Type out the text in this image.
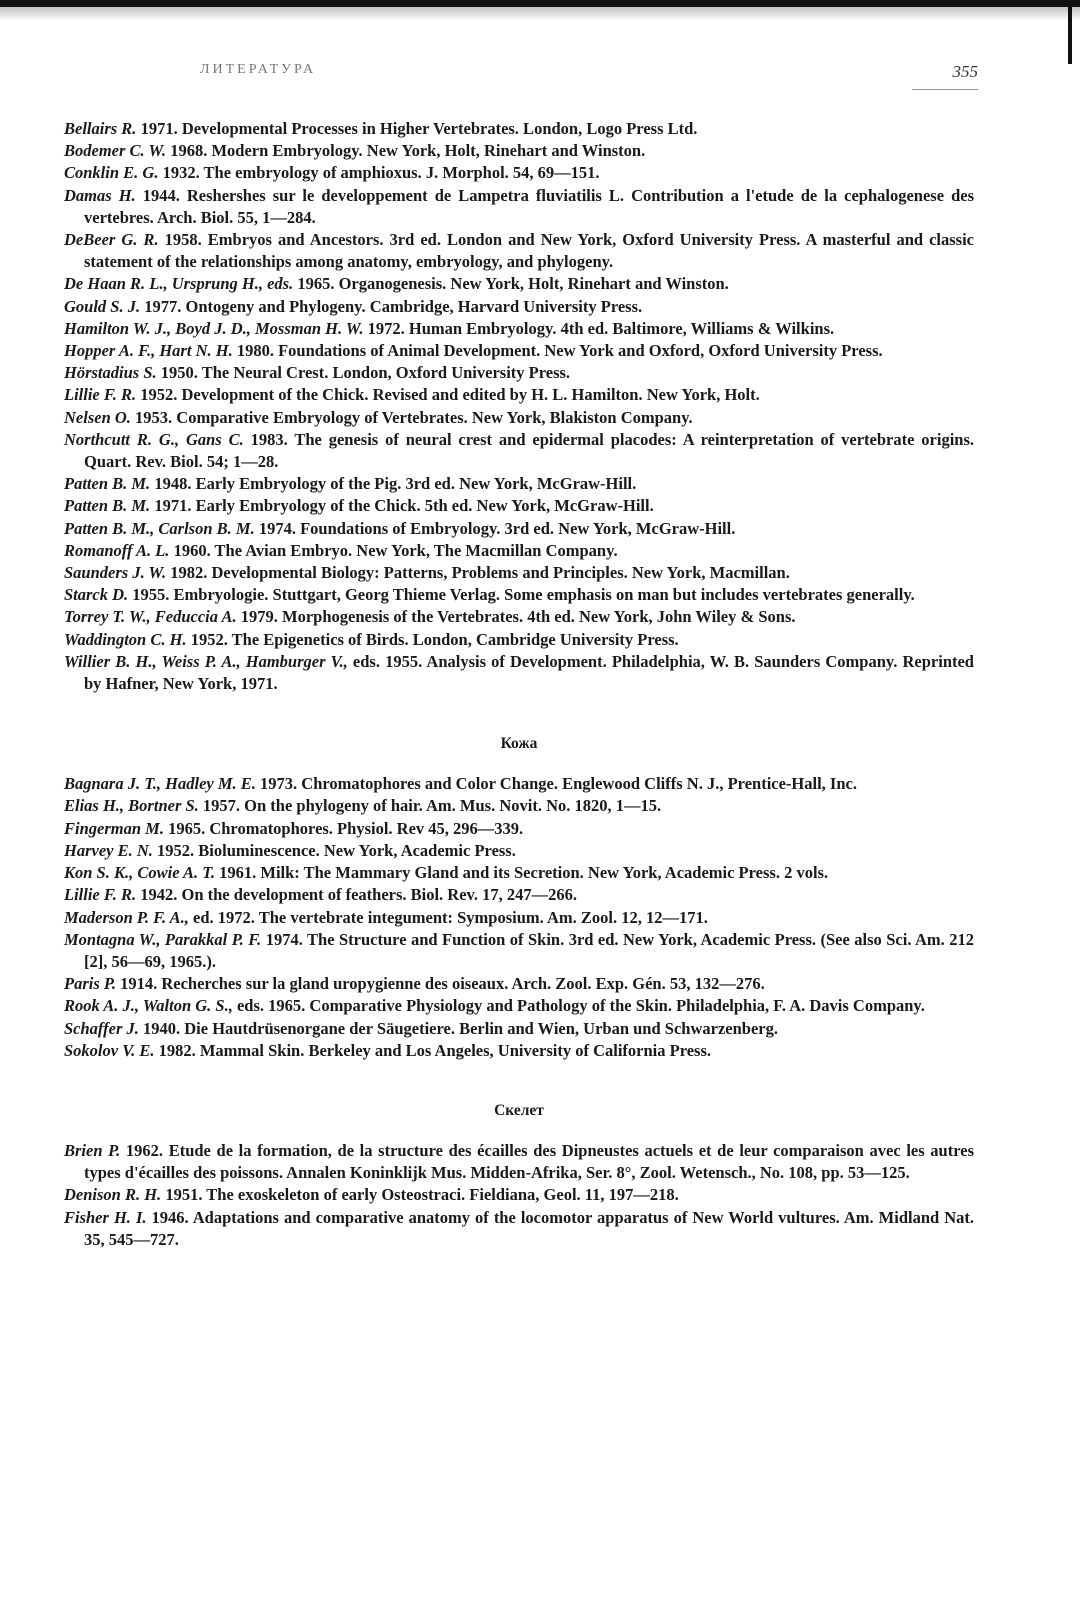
ЛИТЕРАТУРА	355

Bellairs R. 1971. Developmental Processes in Higher Vertebrates. London, Logo Press Ltd.

Bodemer C. W. 1968. Modern Embryology. New York, Holt, Rinehart and Winston.

Conklin E. G. 1932. The embryology of amphioxus. J. Morphol. 54, 69—151.

Damas H. 1944. Reshershes sur le developpement de Lampetra fluviatilis L. Contribution a l'etude de la cephalogenese des vertebres. Arch. Biol. 55, 1—284.

DeBeer G. R. 1958. Embryos and Ancestors. 3rd ed. London and New York, Oxford University Press. A masterful and classic statement of the relationships among anatomy, embryology, and phylogeny.

De Haan R. L., Ursprung H., eds. 1965. Organogenesis. New York, Holt, Rinehart and Winston.

Gould S. J. 1977. Ontogeny and Phylogeny. Cambridge, Harvard University Press.

Hamilton W. J., Boyd J. D., Mossman H. W. 1972. Human Embryology. 4th ed. Baltimore, Williams & Wilkins.

Hopper A. F., Hart N. H. 1980. Foundations of Animal Development. New York and Oxford, Oxford University Press.

Hörstadius S. 1950. The Neural Crest. London, Oxford University Press.

Lillie F. R. 1952. Development of the Chick. Revised and edited by H. L. Hamilton. New York, Holt.

Nelsen O. 1953. Comparative Embryology of Vertebrates. New York, Blakiston Company.

Northcutt R. G., Gans C. 1983. The genesis of neural crest and epidermal placodes: A reinterpretation of vertebrate origins. Quart. Rev. Biol. 54; 1—28.

Patten B. M. 1948. Early Embryology of the Pig. 3rd ed. New York, McGraw-Hill.

Patten B. M. 1971. Early Embryology of the Chick. 5th ed. New York, McGraw-Hill.

Patten B. M., Carlson B. M. 1974. Foundations of Embryology. 3rd ed. New York, McGraw-Hill.

Romanoff A. L. 1960. The Avian Embryo. New York, The Macmillan Company.

Saunders J. W. 1982. Developmental Biology: Patterns, Problems and Principles. New York, Macmillan.

Starck D. 1955. Embryologie. Stuttgart, Georg Thieme Verlag. Some emphasis on man but includes vertebrates generally.

Torrey T. W., Feduccia A. 1979. Morphogenesis of the Vertebrates. 4th ed. New York, John Wiley & Sons.

Waddington C. H. 1952. The Epigenetics of Birds. London, Cambridge University Press.

Willier B. H., Weiss P. A., Hamburger V., eds. 1955. Analysis of Development. Philadelphia, W. B. Saunders Company. Reprinted by Hafner, New York, 1971.

Кожа

Bagnara J. T., Hadley M. E. 1973. Chromatophores and Color Change. Englewood Cliffs N. J., Prentice-Hall, Inc.

Elias H., Bortner S. 1957. On the phylogeny of hair. Am. Mus. Novit. No. 1820, 1—15.

Fingerman M. 1965. Chromatophores. Physiol. Rev 45, 296—339.

Harvey E. N. 1952. Bioluminescence. New York, Academic Press.

Kon S. K., Cowie A. T. 1961. Milk: The Mammary Gland and its Secretion. New York, Academic Press. 2 vols.

Lillie F. R. 1942. On the development of feathers. Biol. Rev. 17, 247—266.

Maderson P. F. A., ed. 1972. The vertebrate integument: Symposium. Am. Zool. 12, 12—171.

Montagna W., Parakkal P. F. 1974. The Structure and Function of Skin. 3rd ed. New York, Academic Press. (See also Sci. Am. 212 [2], 56—69, 1965.).

Paris P. 1914. Recherches sur la gland uropygienne des oiseaux. Arch. Zool. Exp. Gén. 53, 132—276.

Rook A. J., Walton G. S., eds. 1965. Comparative Physiology and Pathology of the Skin. Philadelphia, F. A. Davis Company.

Schaffer J. 1940. Die Hautdrüsenorgane der Säugetiere. Berlin and Wien, Urban und Schwarzenberg.

Sokolov V. E. 1982. Mammal Skin. Berkeley and Los Angeles, University of California Press.

Скелет

Brien P. 1962. Etude de la formation, de la structure des écailles des Dipneustes actuels et de leur comparaison avec les autres types d'écailles des poissons. Annalen Koninklijk Mus. Midden-Afrika, Ser. 8°, Zool. Wetensch., No. 108, pp. 53—125.

Denison R. H. 1951. The exoskeleton of early Osteostraci. Fieldiana, Geol. 11, 197—218.

Fisher H. I. 1946. Adaptations and comparative anatomy of the locomotor apparatus of New World vultures. Am. Midland Nat. 35, 545—727.
